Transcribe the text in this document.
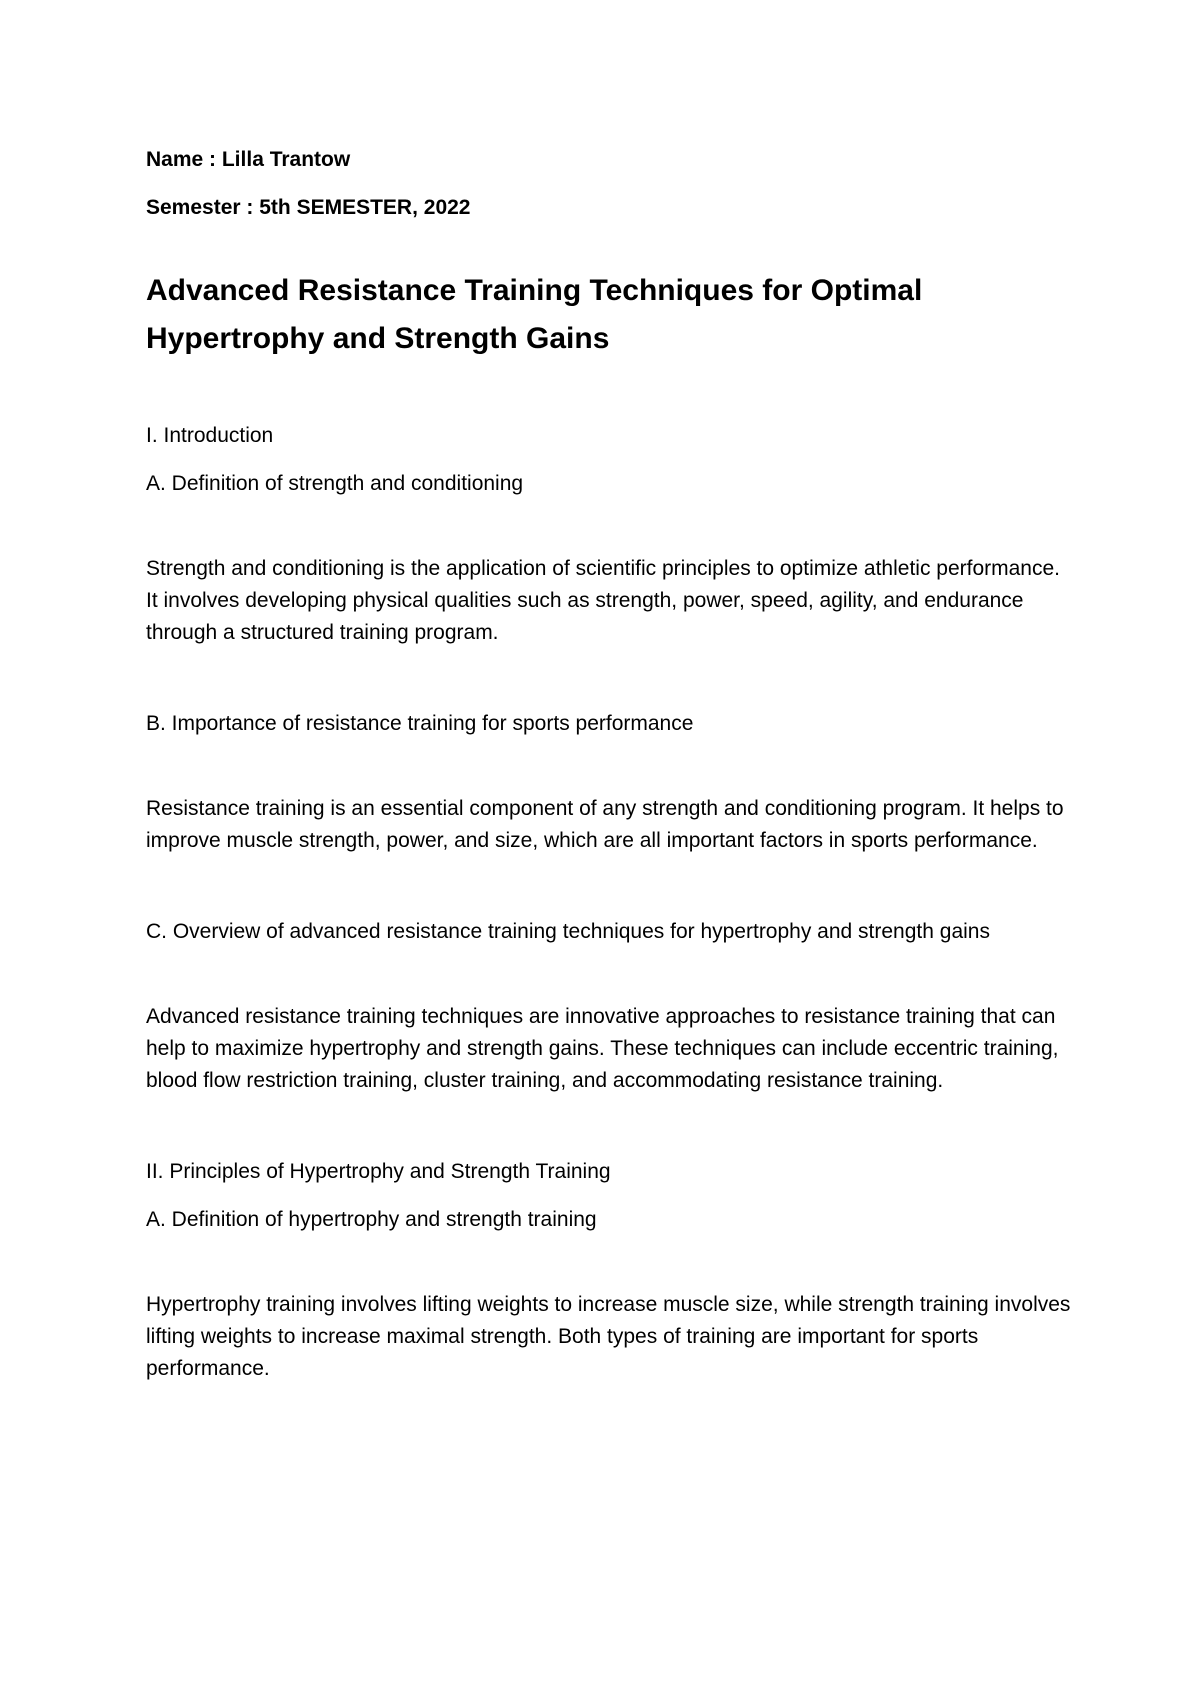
Name : Lilla Trantow
Semester : 5th SEMESTER, 2022
Advanced Resistance Training Techniques for Optimal Hypertrophy and Strength Gains
I. Introduction
A. Definition of strength and conditioning

Strength and conditioning is the application of scientific principles to optimize athletic performance. It involves developing physical qualities such as strength, power, speed, agility, and endurance through a structured training program.

B. Importance of resistance training for sports performance

Resistance training is an essential component of any strength and conditioning program. It helps to improve muscle strength, power, and size, which are all important factors in sports performance.

C. Overview of advanced resistance training techniques for hypertrophy and strength gains

Advanced resistance training techniques are innovative approaches to resistance training that can help to maximize hypertrophy and strength gains. These techniques can include eccentric training, blood flow restriction training, cluster training, and accommodating resistance training.

II. Principles of Hypertrophy and Strength Training
A. Definition of hypertrophy and strength training

Hypertrophy training involves lifting weights to increase muscle size, while strength training involves lifting weights to increase maximal strength. Both types of training are important for sports performance.
